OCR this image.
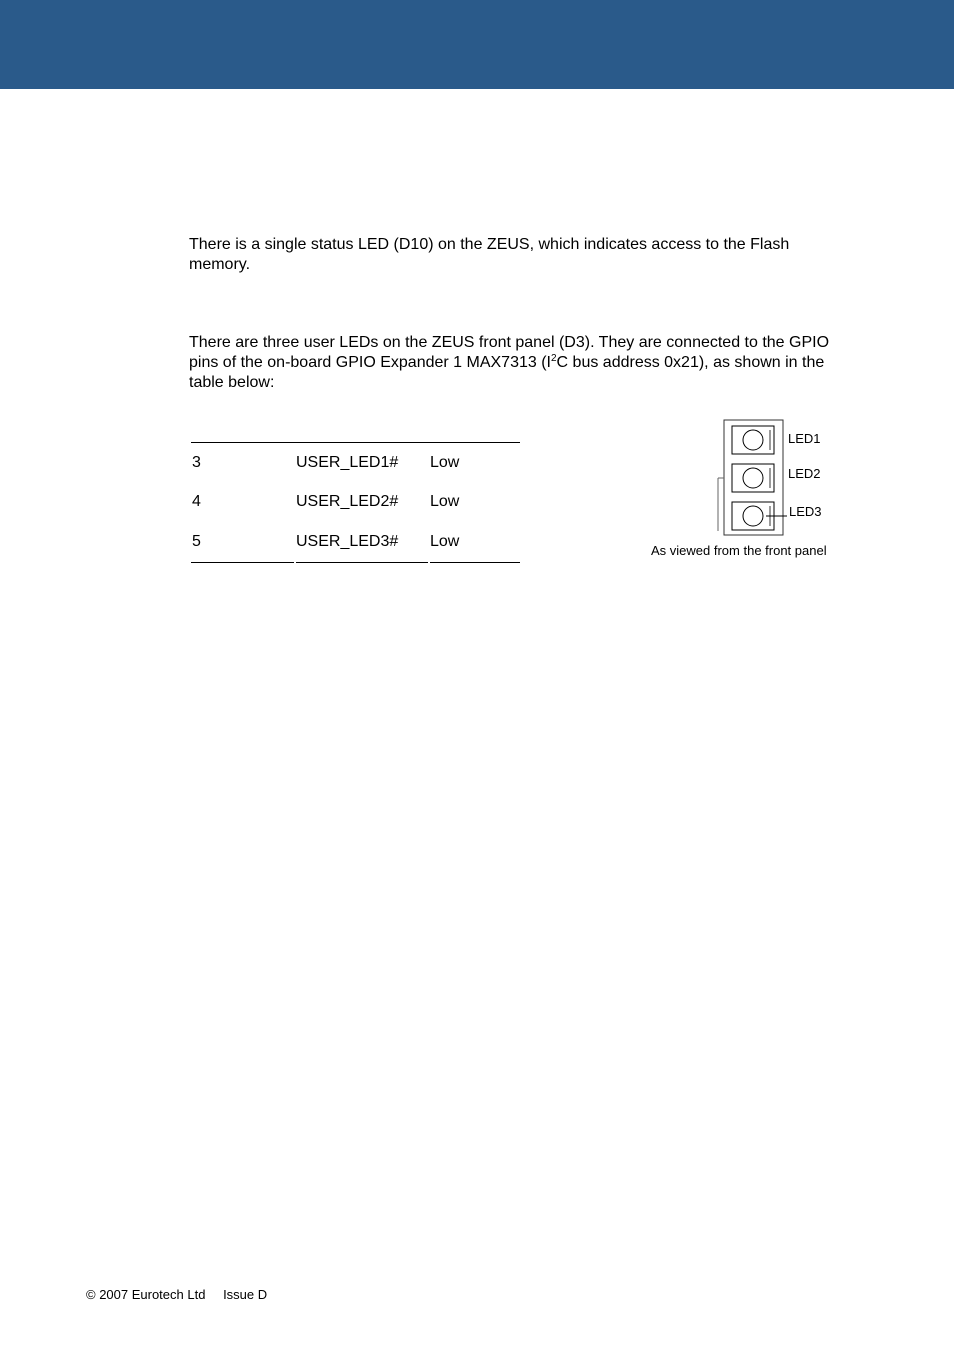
There is a single status LED (D10) on the ZEUS, which indicates access to the Flash memory.

There are three user LEDs on the ZEUS front panel (D3). They are connected to the GPIO pins of the on-board GPIO Expander 1 MAX7313 ($I^2C$ bus address 0x21), as shown in the table below:

3	USER_LED1# Low
4	USER_LED2# Low
5	USER_LED3# Low
LED1
LED2
LED3
As viewed from the front panel
© 2007 Eurotech Ltd Issue D
